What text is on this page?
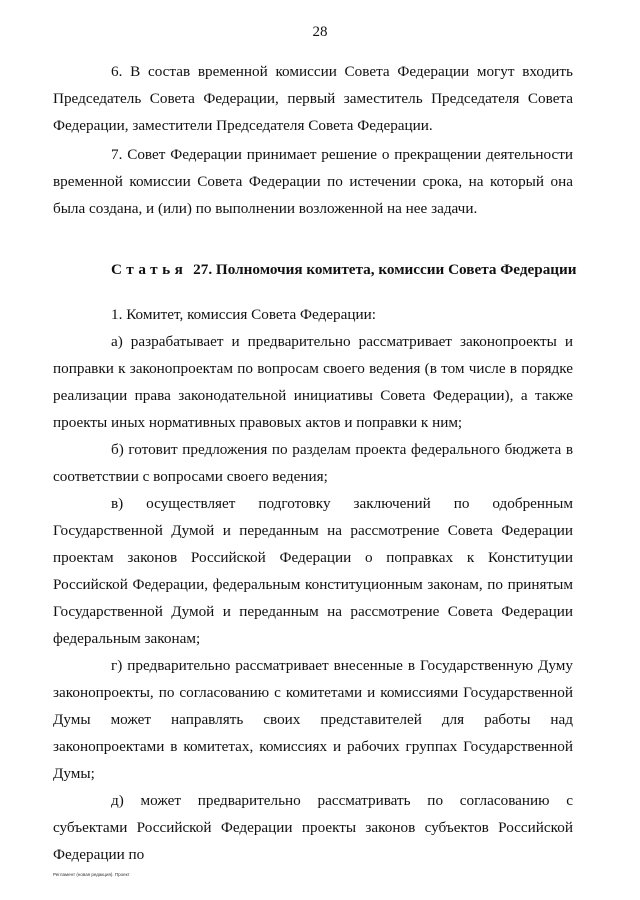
28

6. В состав временной комиссии Совета Федерации могут входить Председатель Совета Федерации, первый заместитель Председателя Совета Федерации, заместители Председателя Совета Федерации.

7. Совет Федерации принимает решение о прекращении деятельности временной комиссии Совета Федерации по истечении срока, на который она была создана, и (или) по выполнении возложенной на нее задачи.

Статья 27. Полномочия комитета, комиссии Совета Федерации

1. Комитет, комиссия Совета Федерации:

а) разрабатывает и предварительно рассматривает законопроекты и поправки к законопроектам по вопросам своего ведения (в том числе в порядке реализации права законодательной инициативы Совета Федерации), а также проекты иных нормативных правовых актов и поправки к ним;

б) готовит предложения по разделам проекта федерального бюджета в соответствии с вопросами своего ведения;

в) осуществляет подготовку заключений по одобренным Государственной Думой и переданным на рассмотрение Совета Федерации проектам законов Российской Федерации о поправках к Конституции Российской Федерации, федеральным конституционным законам, по принятым Государственной Думой и переданным на рассмотрение Совета Федерации федеральным законам;

г) предварительно рассматривает внесенные в Государственную Думу законопроекты, по согласованию с комитетами и комиссиями Государственной Думы может направлять своих представителей для работы над законопроектами в комитетах, комиссиях и рабочих группах Государственной Думы;

д) может предварительно рассматривать по согласованию с субъектами Российской Федерации проекты законов субъектов Российской Федерации по

Регламент (новая редакция). Проект
